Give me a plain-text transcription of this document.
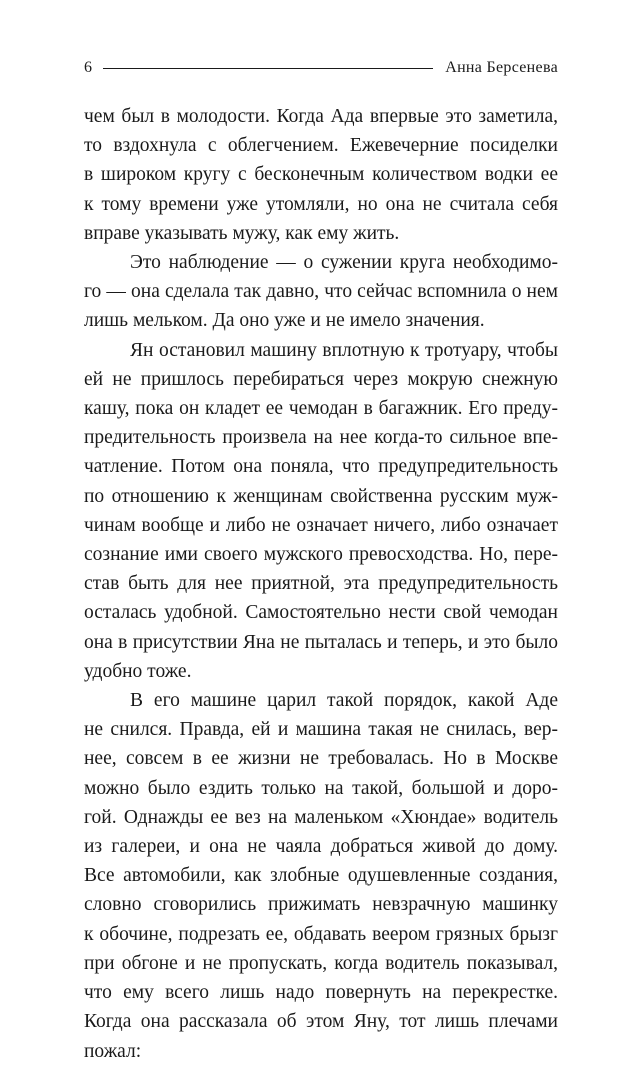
6	Анна Берсенева
чем был в молодости. Когда Ада впервые это заметила,
то вздохнула с облегчением. Ежевечерние посиделки
в широком кругу с бесконечным количеством водки ее
к тому времени уже утомляли, но она не считала себя
вправе указывать мужу, как ему жить.
Это наблюдение — о сужении круга необходимо-
го — она сделала так давно, что сейчас вспомнила о нем
лишь мельком. Да оно уже и не имело значения.
Ян остановил машину вплотную к тротуару, чтобы
ей не пришлось перебираться через мокрую снежную
кашу, пока он кладет ее чемодан в багажник. Его преду-
предительность произвела на нее когда-то сильное впе-
чатление. Потом она поняла, что предупредительность
по отношению к женщинам свойственна русским муж-
чинам вообще и либо не означает ничего, либо означает
сознание ими своего мужского превосходства. Но, пере-
став быть для нее приятной, эта предупредительность
осталась удобной. Самостоятельно нести свой чемодан
она в присутствии Яна не пыталась и теперь, и это было
удобно тоже.
В его машине царил такой порядок, какой Аде
не снился. Правда, ей и машина такая не снилась, вер-
нее, совсем в ее жизни не требовалась. Но в Москве
можно было ездить только на такой, большой и доро-
гой. Однажды ее вез на маленьком «Хюндае» водитель
из галереи, и она не чаяла добраться живой до дому.
Все автомобили, как злобные одушевленные создания,
словно сговорились прижимать невзрачную машинку
к обочине, подрезать ее, обдавать веером грязных брызг
при обгоне и не пропускать, когда водитель показывал,
что ему всего лишь надо повернуть на перекрестке.
Когда она рассказала об этом Яну, тот лишь плечами
пожал:
